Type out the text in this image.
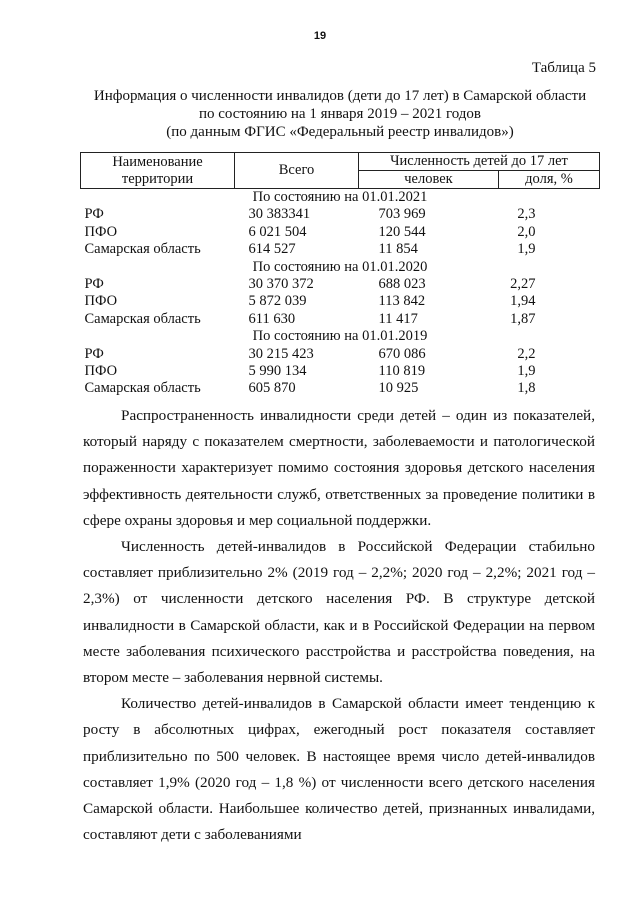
19
Таблица 5
Информация о численности инвалидов (дети до 17 лет) в Самарской области
по состоянию на 1 января 2019 – 2021 годов
(по данным ФГИС «Федеральный реестр инвалидов»)
Наименование территории	Всего	Численность детей до 17 лет	
		человек	доля, %
По состоянию на 01.01.2021			
РФ	30 383341	703 969	2,3
ПФО	6 021 504	120 544	2,0
Самарская область	614 527	11 854	1,9
По состоянию на 01.01.2020			
РФ	30 370 372	688 023	2,27
ПФО	5 872 039	113 842	1,94
Самарская область	611 630	11 417	1,87
По состоянию на 01.01.2019			
РФ	30 215 423	670 086	2,2
ПФО	5 990 134	110 819	1,9
Самарская область	605 870	10 925	1,8

Распространенность инвалидности среди детей – один из показателей, который наряду с показателем смертности, заболеваемости и патологической пораженности характеризует помимо состояния здоровья детского населения эффективность деятельности служб, ответственных за проведение политики в сфере охраны здоровья и мер социальной поддержки.

Численность детей-инвалидов в Российской Федерации стабильно составляет приблизительно 2% (2019 год – 2,2%; 2020 год – 2,2%; 2021 год – 2,3%) от численности детского населения РФ. В структуре детской инвалидности в Самарской области, как и в Российской Федерации на первом месте заболевания психического расстройства и расстройства поведения, на втором месте – заболевания нервной системы.

Количество детей-инвалидов в Самарской области имеет тенденцию к росту в абсолютных цифрах, ежегодный рост показателя составляет приблизительно по 500 человек. В настоящее время число детей-инвалидов составляет 1,9% (2020 год – 1,8 %) от численности всего детского населения Самарской области. Наибольшее количество детей, признанных инвалидами, составляют дети с заболеваниями
